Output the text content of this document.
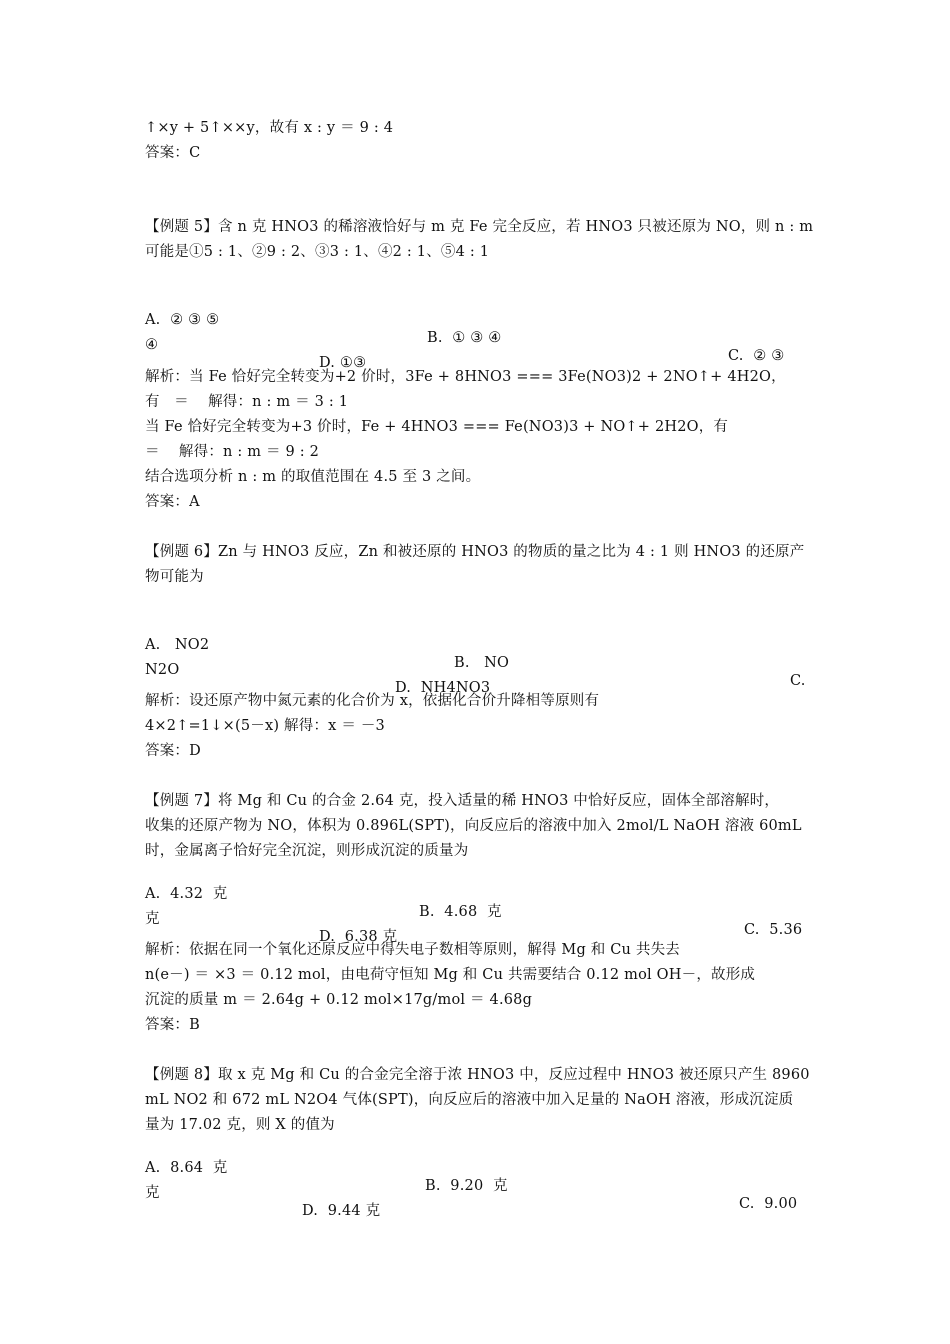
↑×y + 5↑××y，故有 x : y ＝ 9 : 4

答案：C

【例题 5】含 n 克 HNO3 的稀溶液恰好与 m 克 Fe 完全反应，若 HNO3 只被还原为 NO，则 n : m

可能是①5 : 1、②9 : 2、③3 : 1、④2 : 1、⑤4 : 1

A.  ② ③ ⑤

B.  ① ③ ④

C.  ② ③

④

D. ①③

解析：当 Fe 恰好完全转变为+2 价时，3Fe + 8HNO3 === 3Fe(NO3)2 + 2NO↑+ 4H2O，

有   ＝    解得：n : m ＝ 3 : 1

当 Fe 恰好完全转变为+3 价时，Fe + 4HNO3 === Fe(NO3)3 + NO↑+ 2H2O，有

＝    解得：n : m ＝ 9 : 2

结合选项分析 n : m 的取值范围在 4.5 至 3 之间。

答案：A

【例题 6】Zn 与 HNO3 反应，Zn 和被还原的 HNO3 的物质的量之比为 4 : 1 则 HNO3 的还原产

物可能为

A.   NO2

B.   NO

C.

N2O

D.  NH4NO3

解析：设还原产物中氮元素的化合价为 x，依据化合价升降相等原则有

4×2↑=1↓×(5－x) 解得：x ＝ －3

答案：D

【例题 7】将 Mg 和 Cu 的合金 2.64 克，投入适量的稀 HNO3 中恰好反应，固体全部溶解时，

收集的还原产物为 NO，体积为 0.896L(SPT)，向反应后的溶液中加入 2mol/L NaOH 溶液 60mL

时，金属离子恰好完全沉淀，则形成沉淀的质量为

A.  4.32  克

B.  4.68  克

C.  5.36

克

D.  6.38 克

解析：依据在同一个氧化还原反应中得失电子数相等原则，解得 Mg 和 Cu 共失去

n(e－) ＝ ×3 ＝ 0.12 mol，由电荷守恒知 Mg 和 Cu 共需要结合 0.12 mol OH－，故形成

沉淀的质量 m ＝ 2.64g + 0.12 mol×17g/mol ＝ 4.68g

答案：B

【例题 8】取 x 克 Mg 和 Cu 的合金完全溶于浓 HNO3 中，反应过程中 HNO3 被还原只产生 8960

mL NO2 和 672 mL N2O4 气体(SPT)，向反应后的溶液中加入足量的 NaOH 溶液，形成沉淀质

量为 17.02 克，则 X 的值为

A.  8.64  克

B.  9.20  克

C.  9.00

克

D.  9.44 克
